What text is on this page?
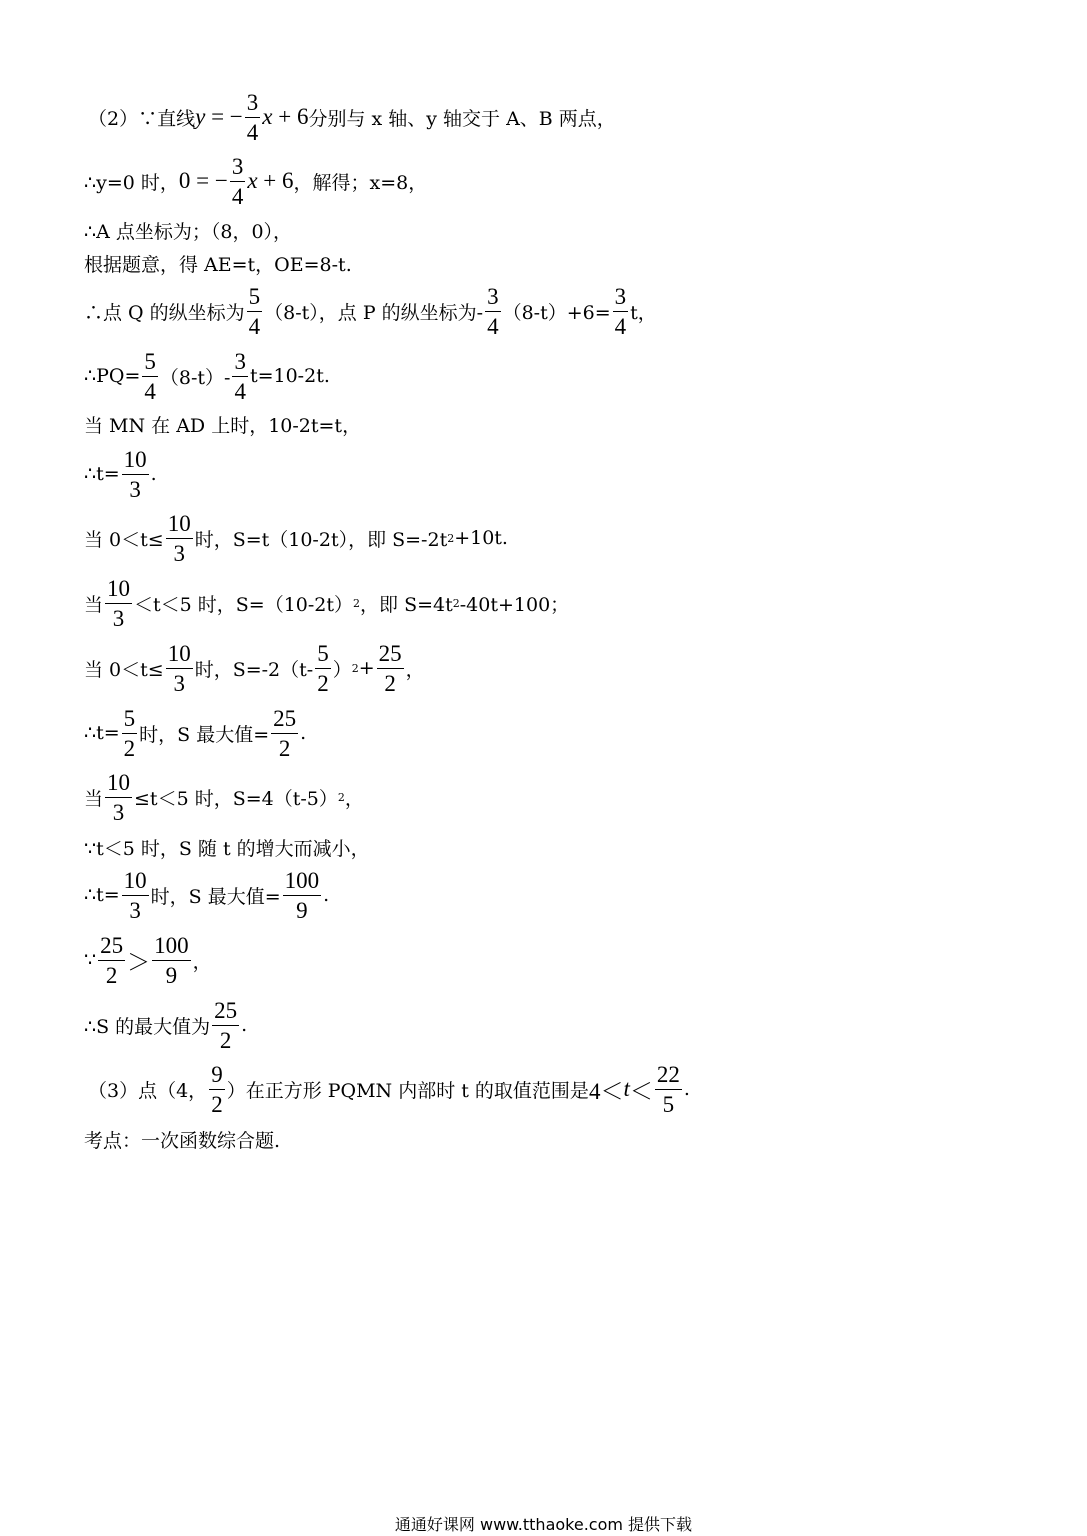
（2）∵直线 y = − $\frac{3}{4}$ x + 6 分别与 x 轴、y 轴交于 A、B 两点，
∴y=0 时， 0 = − $\frac{3}{4}$ x + 6 ，解得；x=8，
∴A 点坐标为；（8，0），
根据题意，得 AE=t，OE=8-t.
∴点 Q 的纵坐标为 $\frac{5}{4} (8-t)$，点 P 的纵坐标为- $\frac{3}{4} (8-t)+6= \frac{3}{4}$ t，
∴PQ= $\frac{5}{4} (8-t)- \frac{3}{4} t=10-2t$.
当 MN 在 AD 上时，10-2t=t，
∴t= $\frac{10}{3}$ .
当 $0<t\le \frac{10}{3}$ 时，S=t（10-2t），即 S=-2t 2 +10t.
当 $\frac{10}{3} <t<5$ 时，S=（10-2t） 2 ，即 S=4t 2 -40t+100；
当 $0<t\le \frac{10}{3}$ 时，$S=-2(t- \frac{5}{2}$ ） $2 + \frac{25}{2}$ ，
∴t= $\frac{5}{2}$ 时，S 最大值= $\frac{25}{2}$ .
当 $\frac{10}{3} \le t<5$ 时，S=4（t-5） 2 ，
∵t＜5 时，S 随 t 的增大而减小，
∴t= $\frac{10}{3}$ 时，S 最大值= $\frac{100}{9}$ .
∵ $\frac{25}{2} > \frac{100}{9}$ ，
∴S 的最大值为 $\frac{25}{2}$ .
（3）点（4， $\frac{9}{2}$ ）在正方形 PQMN 内部时 t 的取值范围是 $4< t < \frac{22}{5}$ .
考点：一次函数综合题.
通通好课网 www.tthaoke.com 提供下载
